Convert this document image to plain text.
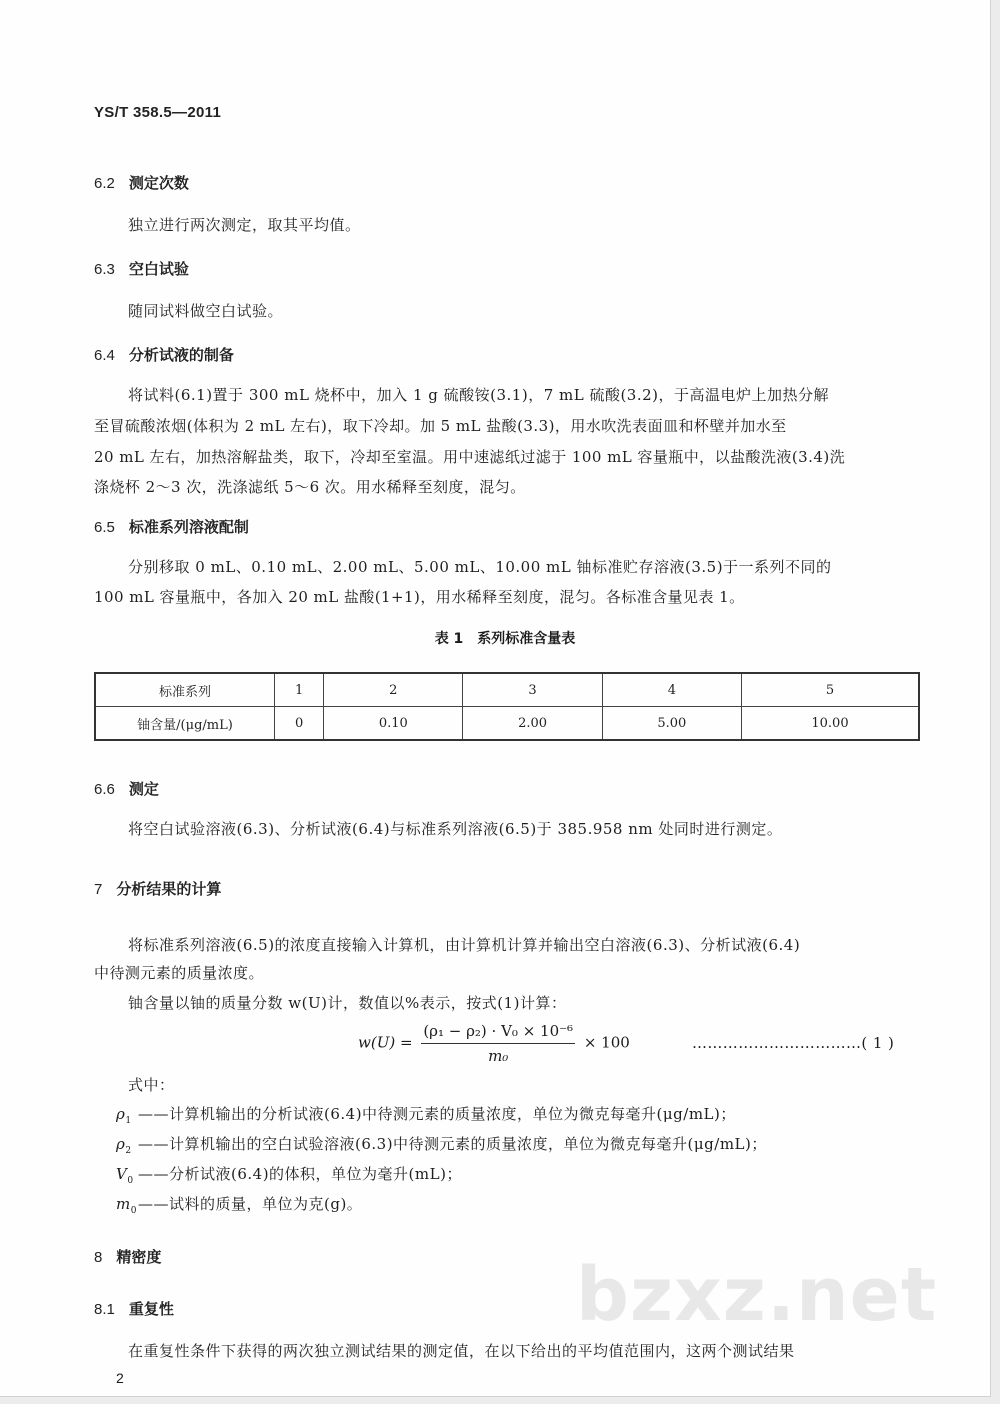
YS/T 358.5—2011
6.2 测定次数
独立进行两次测定，取其平均值。
6.3 空白试验
随同试料做空白试验。
6.4 分析试液的制备
将试料(6.1)置于 300 mL 烧杯中，加入 1 g 硫酸铵(3.1)，7 mL 硫酸(3.2)，于高温电炉上加热分解
至冒硫酸浓烟(体积为 2 mL 左右)，取下冷却。加 5 mL 盐酸(3.3)，用水吹洗表面皿和杯壁并加水至
20 mL 左右，加热溶解盐类，取下，冷却至室温。用中速滤纸过滤于 100 mL 容量瓶中，以盐酸洗液(3.4)洗
涤烧杯 2～3 次，洗涤滤纸 5～6 次。用水稀释至刻度，混匀。
6.5 标准系列溶液配制
分别移取 0 mL、0.10 mL、2.00 mL、5.00 mL、10.00 mL 铀标准贮存溶液(3.5)于一系列不同的
100 mL 容量瓶中，各加入 20 mL 盐酸(1+1)，用水稀释至刻度，混匀。各标准含量见表 1。
表 1　系列标准含量表
标准系列	1	2	3	4	5
铀含量/(μg/mL)	0	0.10	2.00	5.00	10.00
6.6 测定
将空白试验溶液(6.3)、分析试液(6.4)与标准系列溶液(6.5)于 385.958 nm 处同时进行测定。
7 分析结果的计算
将标准系列溶液(6.5)的浓度直接输入计算机，由计算机计算并输出空白溶液(6.3)、分析试液(6.4)
中待测元素的质量浓度。
铀含量以铀的质量分数 w(U)计，数值以%表示，按式(1)计算：
$w(U) = \frac{\text{(ρ₁ − ρ₂) · V₀ × 10⁻⁶}}{\text{m₀}} \times 100$	……………………………( 1 )
式中：
$\rho_1$ ——计算机输出的分析试液(6.4)中待测元素的质量浓度，单位为微克每毫升(μg/mL)；
$\rho_2$ ——计算机输出的空白试验溶液(6.3)中待测元素的质量浓度，单位为微克每毫升(μg/mL)；
$V_0$ ——分析试液(6.4)的体积，单位为毫升(mL)；
$m_0——$试料的质量，单位为克(g)。
bzxz.net
8 精密度
8.1 重复性
在重复性条件下获得的两次独立测试结果的测定值，在以下给出的平均值范围内，这两个测试结果
2
